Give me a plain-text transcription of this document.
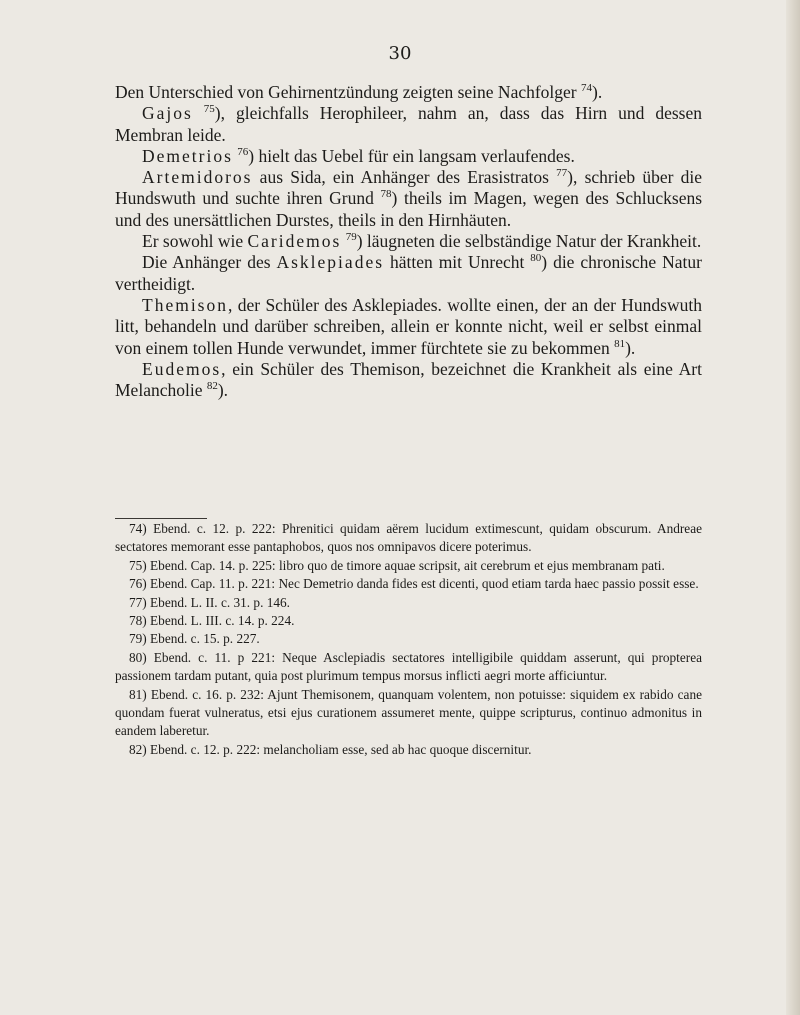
30

Den Unterschied von Gehirnentzündung zeigten seine Nachfolger $^{74}$).

Gajos $^{75}$), gleichfalls Herophileer, nahm an, dass das Hirn und dessen Membran leide.

Demetrios $^{76}$) hielt das Uebel für ein langsam verlaufendes.

Artemidoros aus Sida, ein Anhänger des Erasistratos $^{77}$), schrieb über die Hundswuth und suchte ihren Grund $^{78}$) theils im Magen, wegen des Schlucksens und des unersättlichen Durstes, theils in den Hirnhäuten.

Er sowohl wie Caridemos $^{79}$) läugneten die selbständige Natur der Krankheit.

Die Anhänger des Asklepiades hätten mit Unrecht $^{80}$) die chronische Natur vertheidigt.

Themison, der Schüler des Asklepiades. wollte einen, der an der Hundswuth litt, behandeln und darüber schreiben, allein er konnte nicht, weil er selbst einmal von einem tollen Hunde verwundet, immer fürchtete sie zu bekommen $^{81}$).

Eudemos, ein Schüler des Themison, bezeichnet die Krankheit als eine Art Melancholie $^{82}$).

74) Ebend. c. 12. p. 222: Phrenitici quidam aërem lucidum extimescunt, quidam obscurum. Andreae sectatores memorant esse pantaphobos, quos nos omnipavos dicere poterimus.

75) Ebend. Cap. 14. p. 225: libro quo de timore aquae scripsit, ait cerebrum et ejus membranam pati.

76) Ebend. Cap. 11. p. 221: Nec Demetrio danda fides est dicenti, quod etiam tarda haec passio possit esse.

77) Ebend. L. II. c. 31. p. 146.

78) Ebend. L. III. c. 14. p. 224.

79) Ebend. c. 15. p. 227.

80) Ebend. c. 11. p 221: Neque Asclepiadis sectatores intelligibile quiddam asserunt, qui propterea passionem tardam putant, quia post plurimum tempus morsus inflicti aegri morte afficiuntur.

81) Ebend. c. 16. p. 232: Ajunt Themisonem, quanquam volentem, non potuisse: siquidem ex rabido cane quondam fuerat vulneratus, etsi ejus curationem assumeret mente, quippe scripturus, continuo admonitus in eandem laberetur.

82) Ebend. c. 12. p. 222: melancholiam esse, sed ab hac quoque discernitur.
